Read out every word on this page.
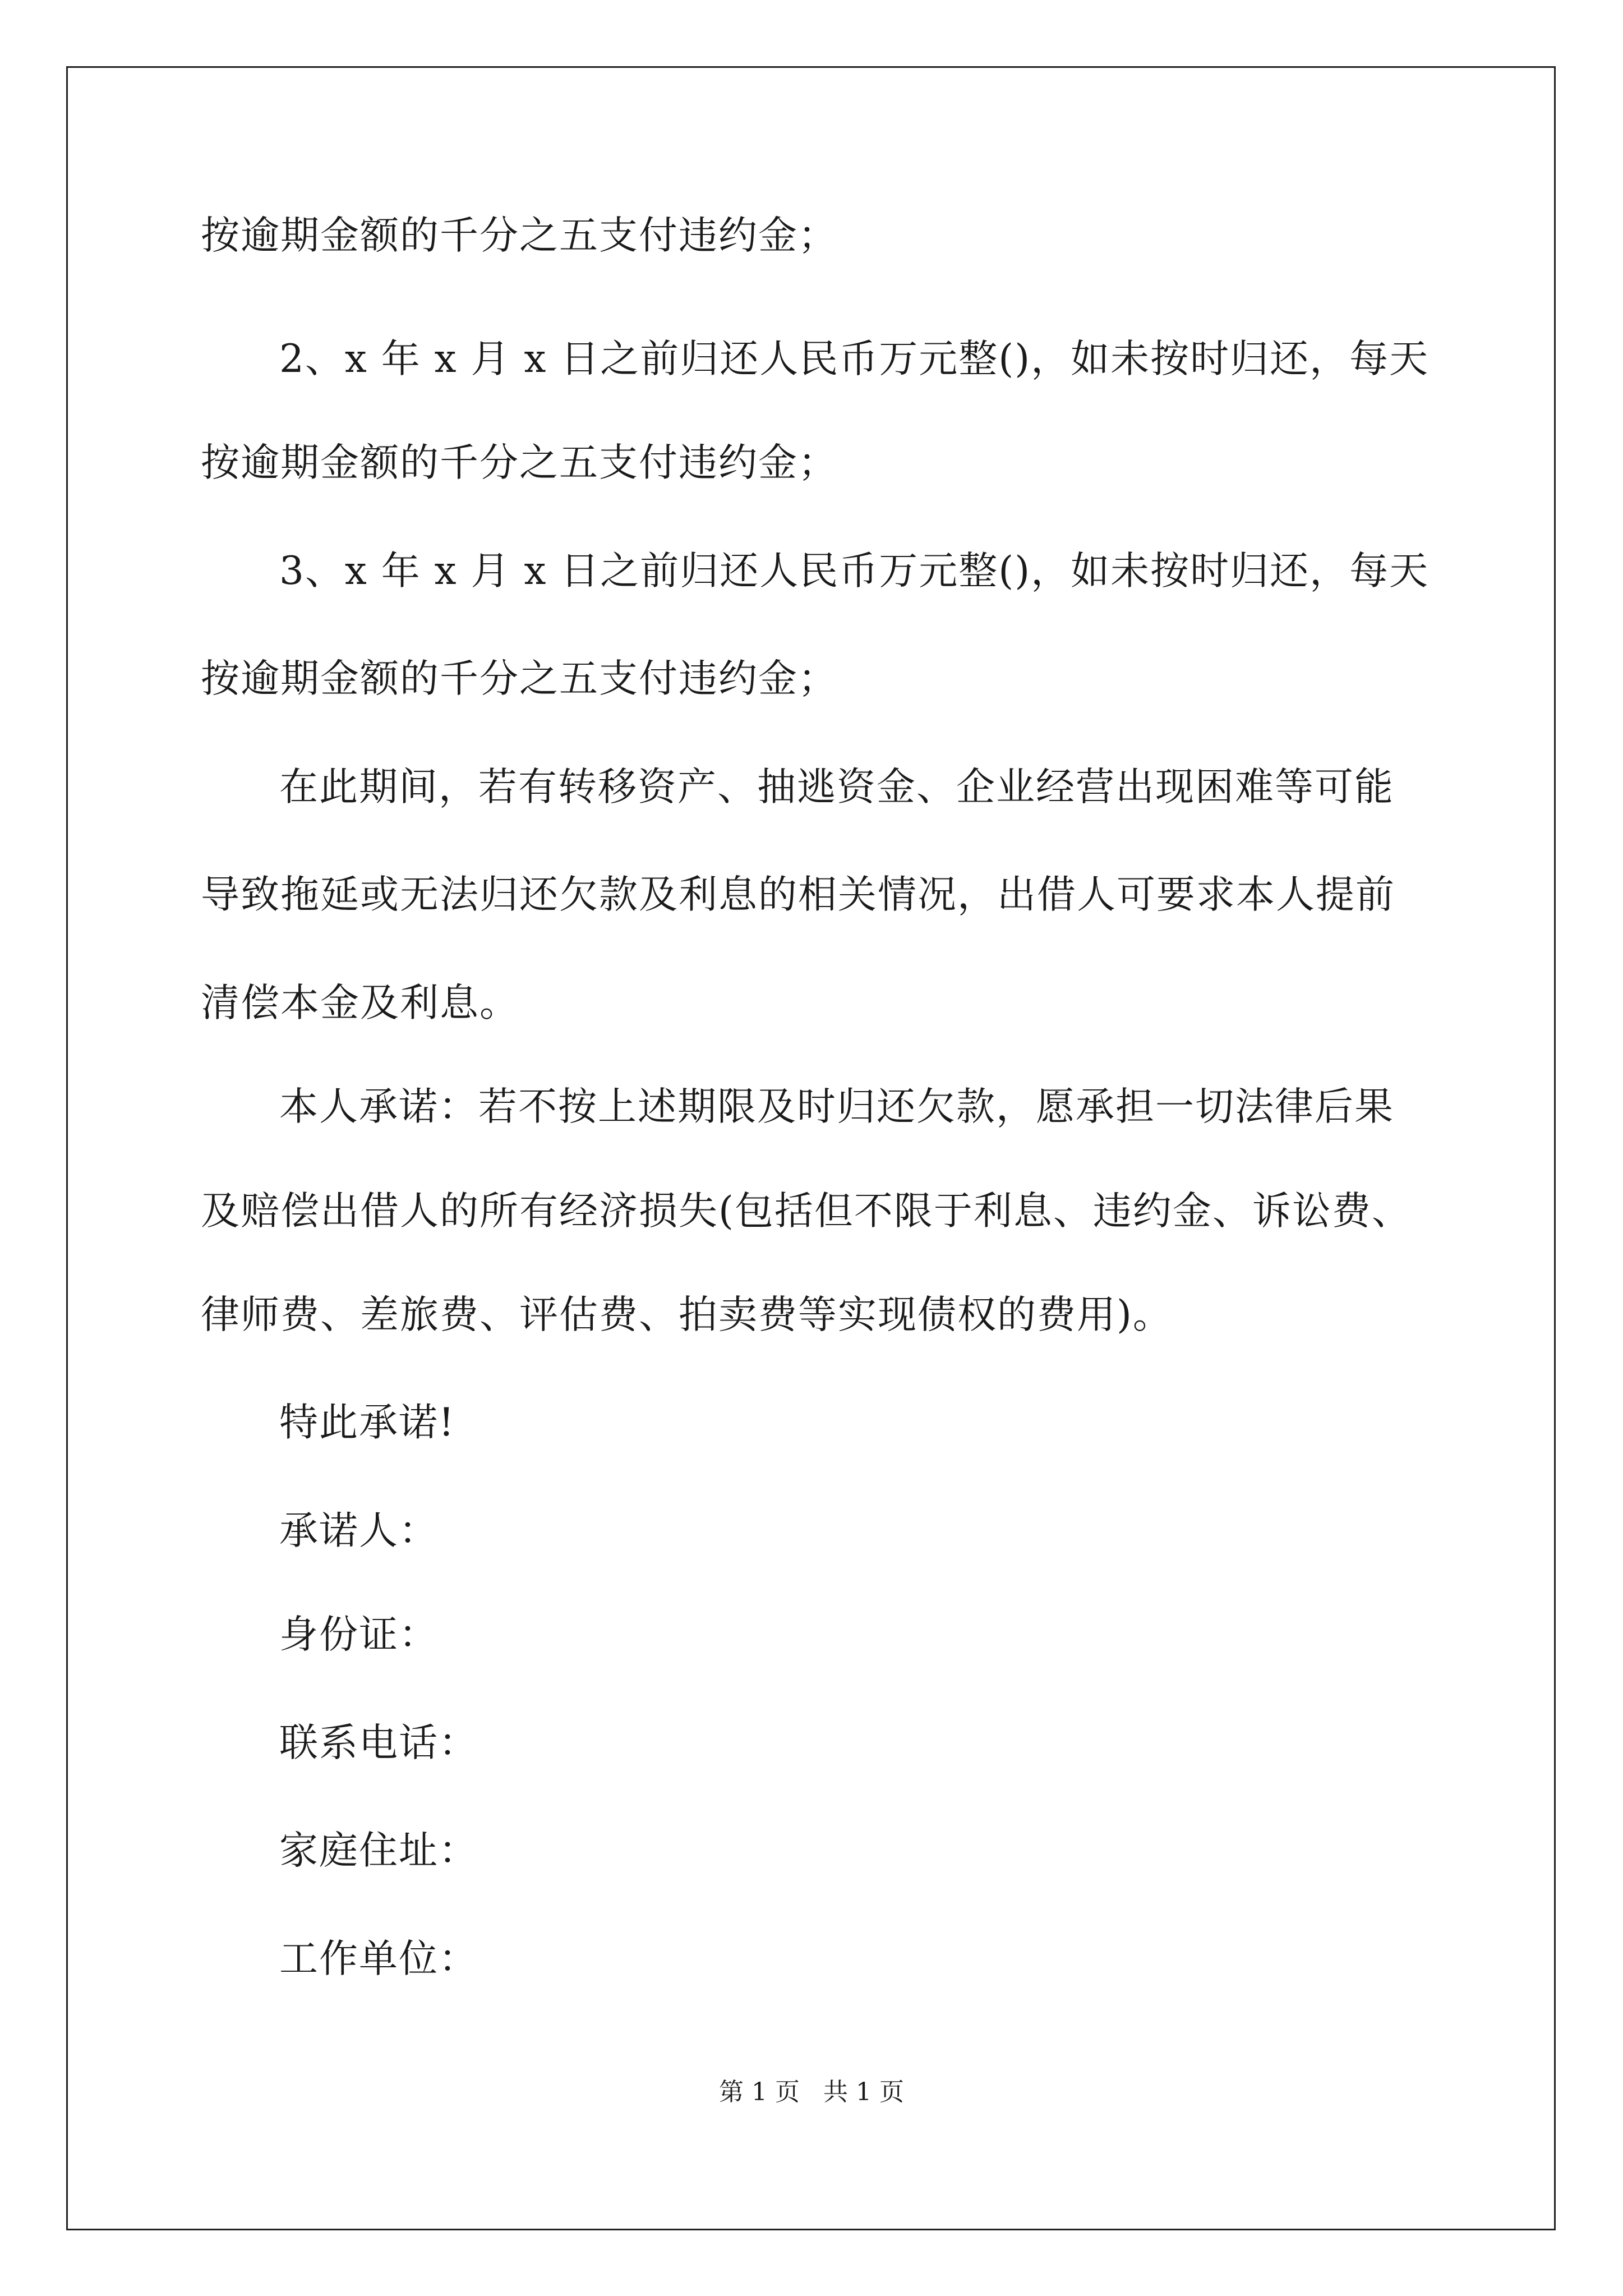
按逾期金额的千分之五支付违约金；
2、x 年 x 月 x 日之前归还人民币万元整()，如未按时归还，每天
按逾期金额的千分之五支付违约金；
3、x 年 x 月 x 日之前归还人民币万元整()，如未按时归还，每天
按逾期金额的千分之五支付违约金；
在此期间，若有转移资产、抽逃资金、企业经营出现困难等可能
导致拖延或无法归还欠款及利息的相关情况，出借人可要求本人提前
清偿本金及利息。
本人承诺：若不按上述期限及时归还欠款，愿承担一切法律后果
及赔偿出借人的所有经济损失(包括但不限于利息、违约金、诉讼费、
律师费、差旅费、评估费、拍卖费等实现债权的费用)。
特此承诺!
承诺人：
身份证：
联系电话：
家庭住址：
工作单位：
第 1 页   共 1 页
